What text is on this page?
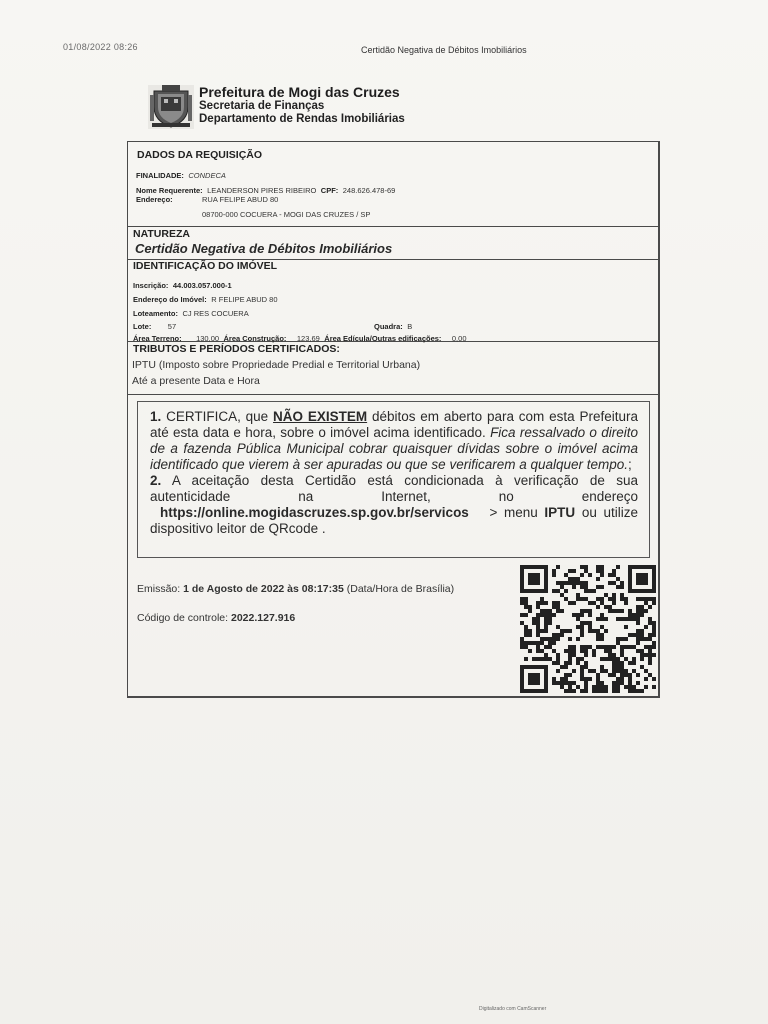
01/08/2022 08:26	Certidão Negativa de Débitos Imobiliários
Prefeitura de Mogi das Cruzes
Secretaria de Finanças
Departamento de Rendas Imobiliárias
DADOS DA REQUISIÇÃO
FINALIDADE: CONDECA
Nome Requerente: LEANDERSON PIRES RIBEIRO CPF: 248.626.478-69
Endereço:	RUA FELIPE ABUD 80
08700-000 COCUERA - MOGI DAS CRUZES / SP
NATUREZA
Certidão Negativa de Débitos Imobiliários
IDENTIFICAÇÃO DO IMÓVEL
Inscrição: 44.003.057.000-1
Endereço do Imóvel: R FELIPE ABUD 80
Loteamento: CJ RES COCUERA
Lote: 57	Quadra: B
Área Terreno: 130,00 Área Construção: 123,69 Área Edícula/Outras edificações: 0,00
TRIBUTOS E PERÍODOS CERTIFICADOS:
IPTU (Imposto sobre Propriedade Predial e Territorial Urbana)
Até a presente Data e Hora

1. CERTIFICA, que NÃO EXISTEM débitos em aberto para com esta Prefeitura até esta data e hora, sobre o imóvel acima identificado. Fica ressalvado o direito de a fazenda Pública Municipal cobrar quaisquer dívidas sobre o imóvel acima identificado que vierem à ser apuradas ou que se verificarem a qualquer tempo.;

2. A aceitação desta Certidão está condicionada à verificação de sua autenticidade na Internet, no endereço https://online.mogidascruzes.sp.gov.br/servicos > menu IPTU ou utilize dispositivo leitor de QRcode .

Emissão: 1 de Agosto de 2022 às 08:17:35 (Data/Hora de Brasília)
Código de controle: 2022.127.916
Digitalizado com CamScanner
